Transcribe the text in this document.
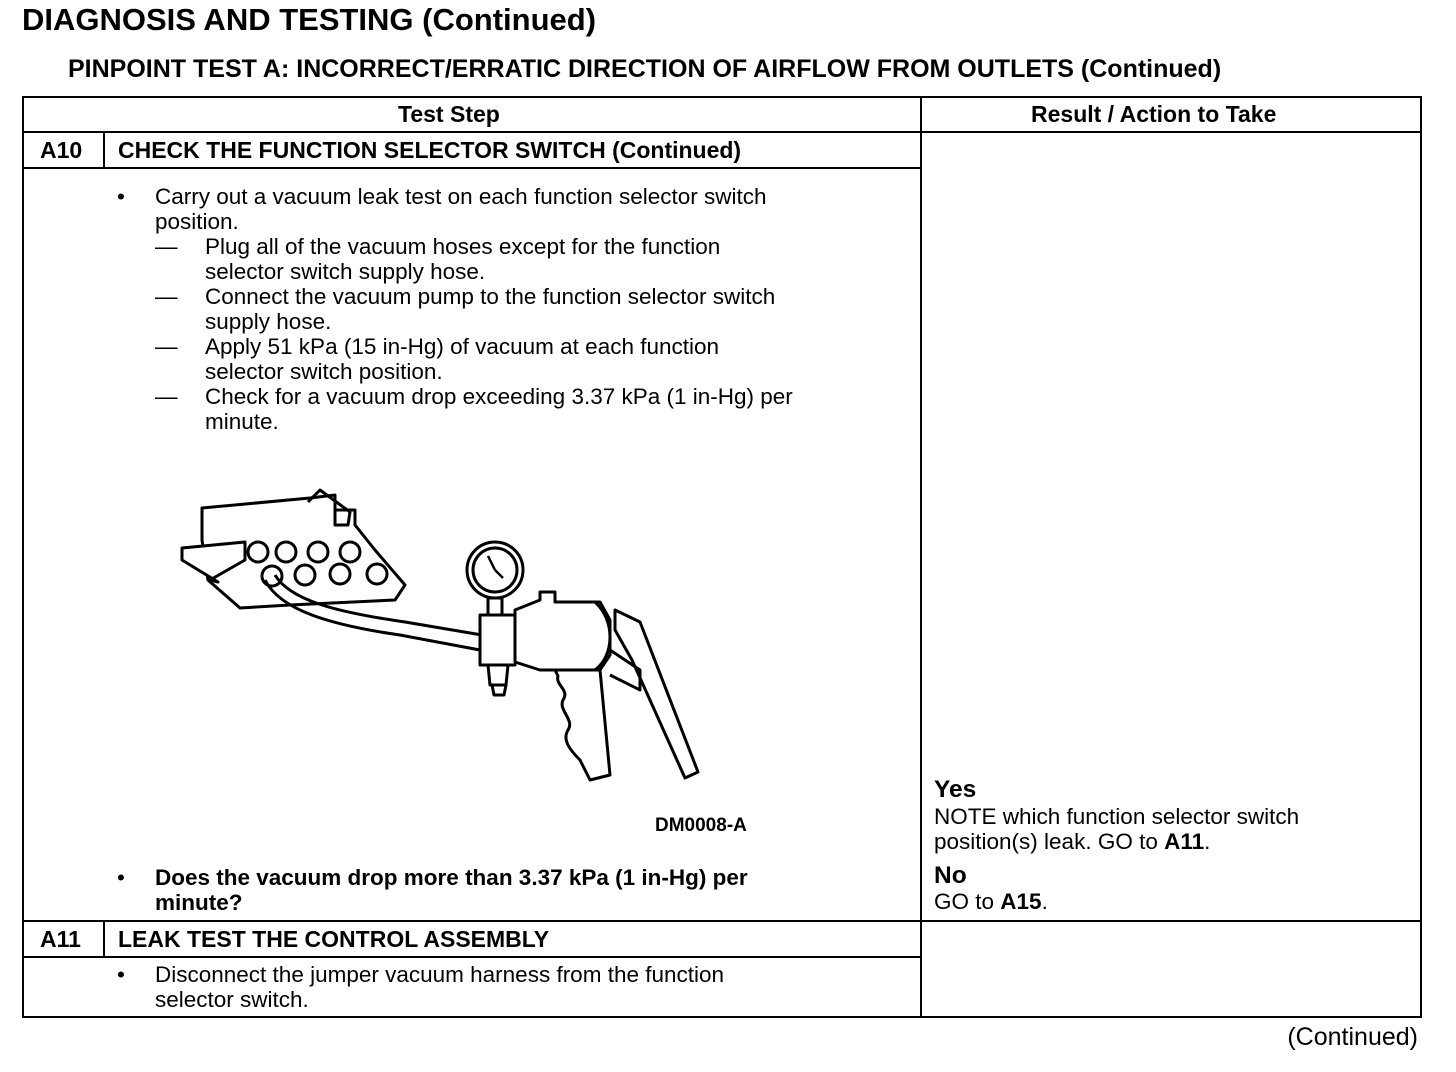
DIAGNOSIS AND TESTING (Continued)
PINPOINT TEST A: INCORRECT/ERRATIC DIRECTION OF AIRFLOW FROM OUTLETS (Continued)
Test Step	Result / Action to Take
A10 CHECK THE FUNCTION SELECTOR SWITCH (Continued)
• Carry out a vacuum leak test on each function selector switch
position.
— Plug all of the vacuum hoses except for the function
selector switch supply hose.
— Connect the vacuum pump to the function selector switch
supply hose.
— Apply 51 kPa (15 in-Hg) of vacuum at each function
selector switch position.
— Check for a vacuum drop exceeding 3.37 kPa (1 in-Hg) per
minute.
DM0008-A
• Does the vacuum drop more than 3.37 kPa (1 in-Hg) per
minute?
Yes
NOTE which function selector switch
position(s) leak. GO to A11.
No
GO to A15.
A11 LEAK TEST THE CONTROL ASSEMBLY
• Disconnect the jumper vacuum harness from the function
selector switch.
(Continued)
